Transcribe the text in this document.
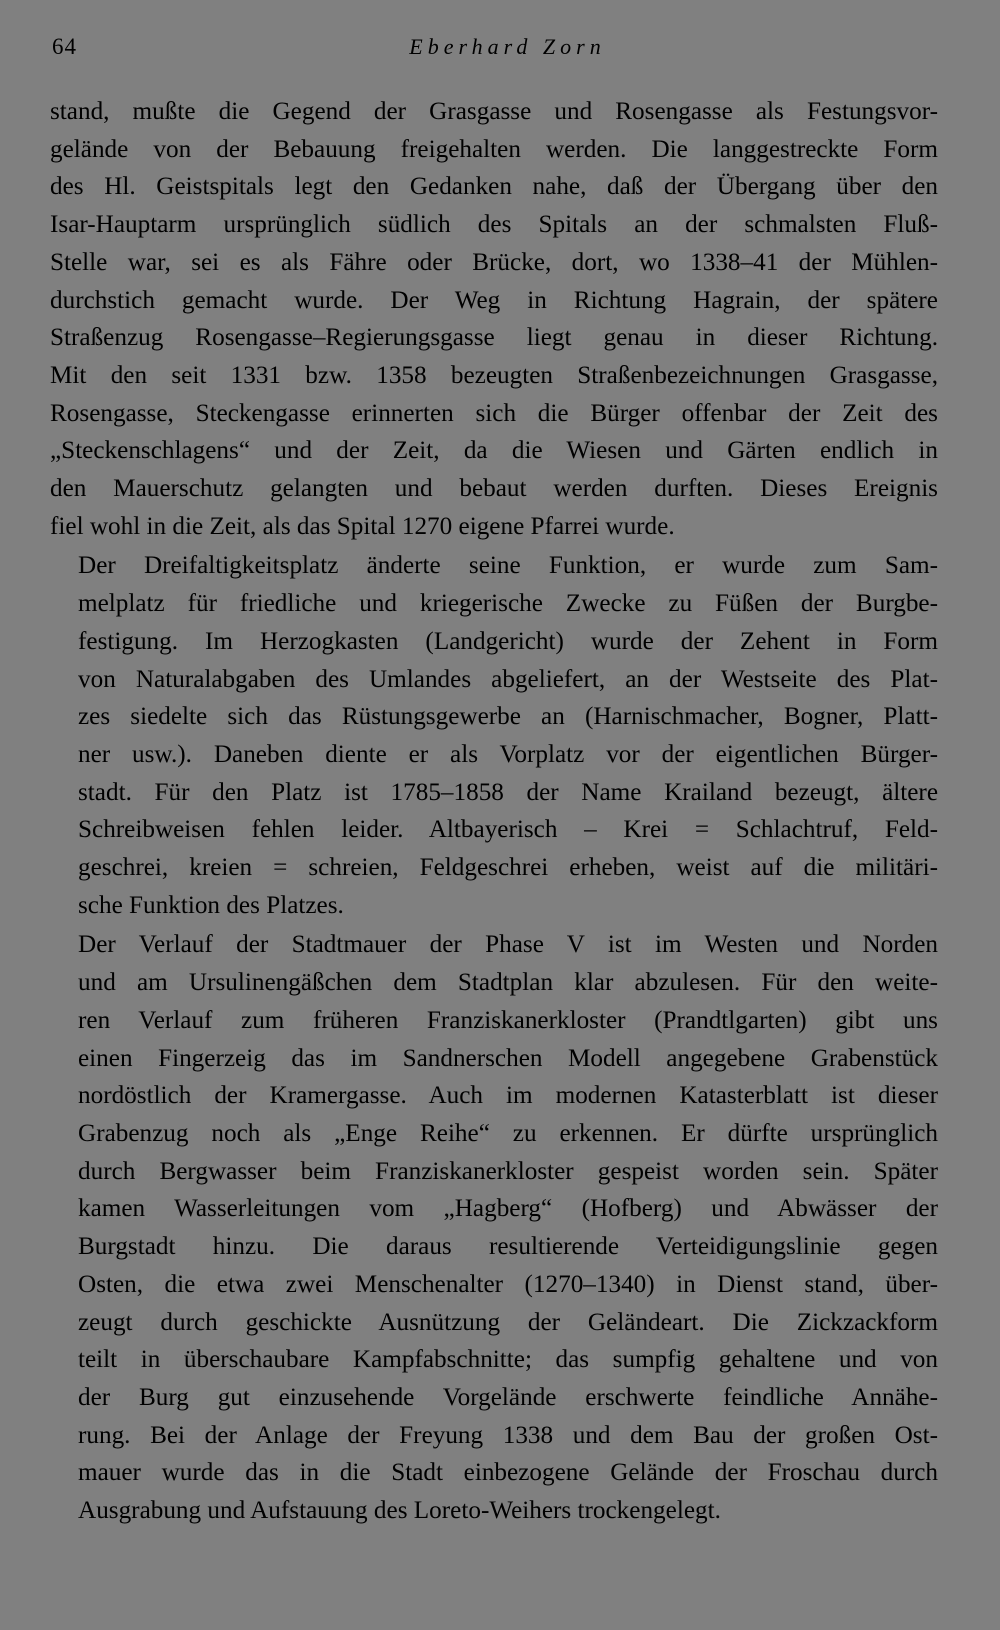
64	Eberhard Zorn

stand, mußte die Gegend der Grasgasse und Rosengasse als Festungsvor-
gelände von der Bebauung freigehalten werden. Die langgestreckte Form
des Hl. Geistspitals legt den Gedanken nahe, daß der Übergang über den
Isar-Hauptarm ursprünglich südlich des Spitals an der schmalsten Fluß-
Stelle war, sei es als Fähre oder Brücke, dort, wo 1338–41 der Mühlen-
durchstich gemacht wurde. Der Weg in Richtung Hagrain, der spätere
Straßenzug Rosengasse–Regierungsgasse liegt genau in dieser Richtung.
Mit den seit 1331 bzw. 1358 bezeugten Straßenbezeichnungen Grasgasse,
Rosengasse, Steckengasse erinnerten sich die Bürger offenbar der Zeit des
„Steckenschlagens“ und der Zeit, da die Wiesen und Gärten endlich in
den Mauerschutz gelangten und bebaut werden durften. Dieses Ereignis
fiel wohl in die Zeit, als das Spital 1270 eigene Pfarrei wurde.

Der Dreifaltigkeitsplatz änderte seine Funktion, er wurde zum Sam-
melplatz für friedliche und kriegerische Zwecke zu Füßen der Burgbe-
festigung. Im Herzogkasten (Landgericht) wurde der Zehent in Form
von Naturalabgaben des Umlandes abgeliefert, an der Westseite des Plat-
zes siedelte sich das Rüstungsgewerbe an (Harnischmacher, Bogner, Platt-
ner usw.). Daneben diente er als Vorplatz vor der eigentlichen Bürger-
stadt. Für den Platz ist 1785–1858 der Name Krailand bezeugt, ältere
Schreibweisen fehlen leider. Altbayerisch – Krei = Schlachtruf, Feld-
geschrei, kreien = schreien, Feldgeschrei erheben, weist auf die militäri-
sche Funktion des Platzes.

Der Verlauf der Stadtmauer der Phase V ist im Westen und Norden
und am Ursulinengäßchen dem Stadtplan klar abzulesen. Für den weite-
ren Verlauf zum früheren Franziskanerkloster (Prandtlgarten) gibt uns
einen Fingerzeig das im Sandnerschen Modell angegebene Grabenstück
nordöstlich der Kramergasse. Auch im modernen Katasterblatt ist dieser
Grabenzug noch als „Enge Reihe“ zu erkennen. Er dürfte ursprünglich
durch Bergwasser beim Franziskanerkloster gespeist worden sein. Später
kamen Wasserleitungen vom „Hagberg“ (Hofberg) und Abwässer der
Burgstadt hinzu. Die daraus resultierende Verteidigungslinie gegen
Osten, die etwa zwei Menschenalter (1270–1340) in Dienst stand, über-
zeugt durch geschickte Ausnützung der Geländeart. Die Zickzackform
teilt in überschaubare Kampfabschnitte; das sumpfig gehaltene und von
der Burg gut einzusehende Vorgelände erschwerte feindliche Annähe-
rung. Bei der Anlage der Freyung 1338 und dem Bau der großen Ost-
mauer wurde das in die Stadt einbezogene Gelände der Froschau durch
Ausgrabung und Aufstauung des Loreto-Weihers trockengelegt.
